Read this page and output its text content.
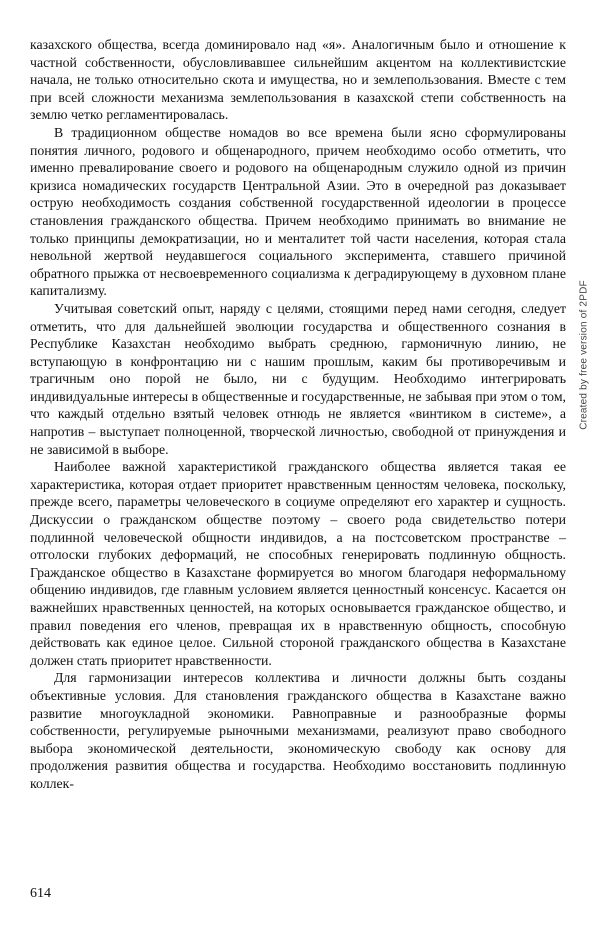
казахского общества, всегда доминировало над «я». Аналогичным было и отношение к частной собственности, обусловливавшее сильнейшим акцентом на коллективистские начала, не только относительно скота и имущества, но и землепользования. Вместе с тем при всей сложности механизма землепользования в казахской степи собственность на землю четко регламентировалась.

В традиционном обществе номадов во все времена были ясно сформулированы понятия личного, родового и общенародного, причем необходимо особо отметить, что именно превалирование своего и родового на общенародным служило одной из причин кризиса номадических государств Центральной Азии. Это в очередной раз доказывает острую необходимость создания собственной государственной идеологии в процессе становления гражданского общества. Причем необходимо принимать во внимание не только принципы демократизации, но и менталитет той части населения, которая стала невольной жертвой неудавшегося социального эксперимента, ставшего причиной обратного прыжка от несвоевременного социализма к деградирующему в духовном плане капитализму.

Учитывая советский опыт, наряду с целями, стоящими перед нами сегодня, следует отметить, что для дальнейшей эволюции государства и общественного сознания в Республике Казахстан необходимо выбрать среднюю, гармоничную линию, не вступающую в конфронтацию ни с нашим прошлым, каким бы противоречивым и трагичным оно порой не было, ни с будущим. Необходимо интегрировать индивидуальные интересы в общественные и государственные, не забывая при этом о том, что каждый отдельно взятый человек отнюдь не является «винтиком в системе», а напротив – выступает полноценной, творческой личностью, свободной от принуждения и не зависимой в выборе.

Наиболее важной характеристикой гражданского общества является такая ее характеристика, которая отдает приоритет нравственным ценностям человека, поскольку, прежде всего, параметры человеческого в социуме определяют его характер и сущность. Дискуссии о гражданском обществе поэтому – своего рода свидетельство потери подлинной человеческой общности индивидов, а на постсоветском пространстве – отголоски глубоких деформаций, не способных генерировать подлинную общность. Гражданское общество в Казахстане формируется во многом благодаря неформальному общению индивидов, где главным условием является ценностный консенсус. Касается он важнейших нравственных ценностей, на которых основывается гражданское общество, и правил поведения его членов, превращая их в нравственную общность, способную действовать как единое целое. Сильной стороной гражданского общества в Казахстане должен стать приоритет нравственности.

Для гармонизации интересов коллектива и личности должны быть созданы объективные условия. Для становления гражданского общества в Казахстане важно развитие многоукладной экономики. Равноправные и разнообразные формы собственности, регулируемые рыночными механизмами, реализуют право свободного выбора экономической деятельности, экономическую свободу как основу для продолжения развития общества и государства. Необходимо восстановить подлинную коллек-

614
Created by free version of 2PDF
